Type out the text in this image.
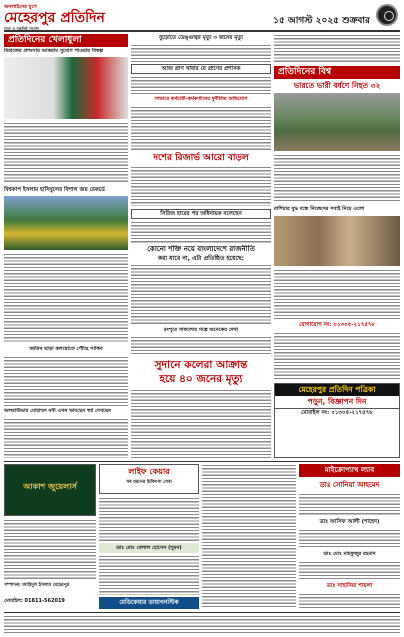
অনলাইনের যুগে
মেহেরপুর প্রতিদিন
সত্য ও বস্তুনিষ্ঠ সংবাদ
১৫ আগস্ট ২০২৫ শুক্রবার
প্রতিদিনের খেলাধুলা
মিরাজের প্রশংসায় আকরাম সুযোগ পাওয়ার বিকল্প
বিশ্বকাপ ইসলাম হাসিবুলের বিশাল জয় রেকর্ডে
জামিন ছাড়া কলম্বোতে পৌঁছে সাকিব
অলরাউন্ডার মোহাম্মদ নবী এখন ভাবছেন স্বপ্ন দেখছেন
বুড়োতে ডেঙ্গুজ্বর মৃত্যু ৩ জনের মৃত্যু
আজ প্রাণ খাবার যে প্রাণের প্রশাসক
সাভারে কর্মচারী-কর্মকর্তাদের দুর্নীতির অভিযোগ
দশের রিজার্ভ আরো বাড়ল
সিরিজ হারের পর অধিনায়ক বলেছেন
কোনো শক্তি নয়ে বাংলাদেশে রাজনীতি
করা যাবে না, এটা প্রতিষ্ঠিত হয়েছে:
রংপুরে সাফল্যের গল্পে অনেকের দেখা
সুদানে কলেরা আক্রান্ত
হয়ে ৪০ জনের মৃত্যু
প্রতিদিনের বিশ্ব
ভারতে ভারী বর্ষণে নিহত ৩২
রাশিয়ার যুদ্ধ বন্ধে নিজেদের সবাই নিয়ে এলো
যোগাযোগ নং: ০১৩০৫-২১৭৫৭৮
মেহেরপুর প্রতিদিন পত্রিকা
পড়ুন, বিজ্ঞাপন দিন
মোবাইল নং: ০১৩০৫-২১৭৫৭৮
আকাশ জুয়েলার্স
সম্পাদক: জাহিদুল ইসলাম মেহেরপুর
মোবাইল: 01811-562019
লাইফ কেয়ার
সব ধরনের চিকিৎসা সেবা
ডাঃ মোঃ বেলাল হোসেন (সুমন)
মেডিকেয়ার ডায়াগনস্টিক
মাইক্রোপ্যাথ ল্যাব
ডাঃ সোনিয়া আহমেদ
ডাঃ আসিফ আলী (শাহেদ)
ডাঃ মোঃ মাহফুজুর রহমান
ডাঃ সাহানিয়া শায়লা
